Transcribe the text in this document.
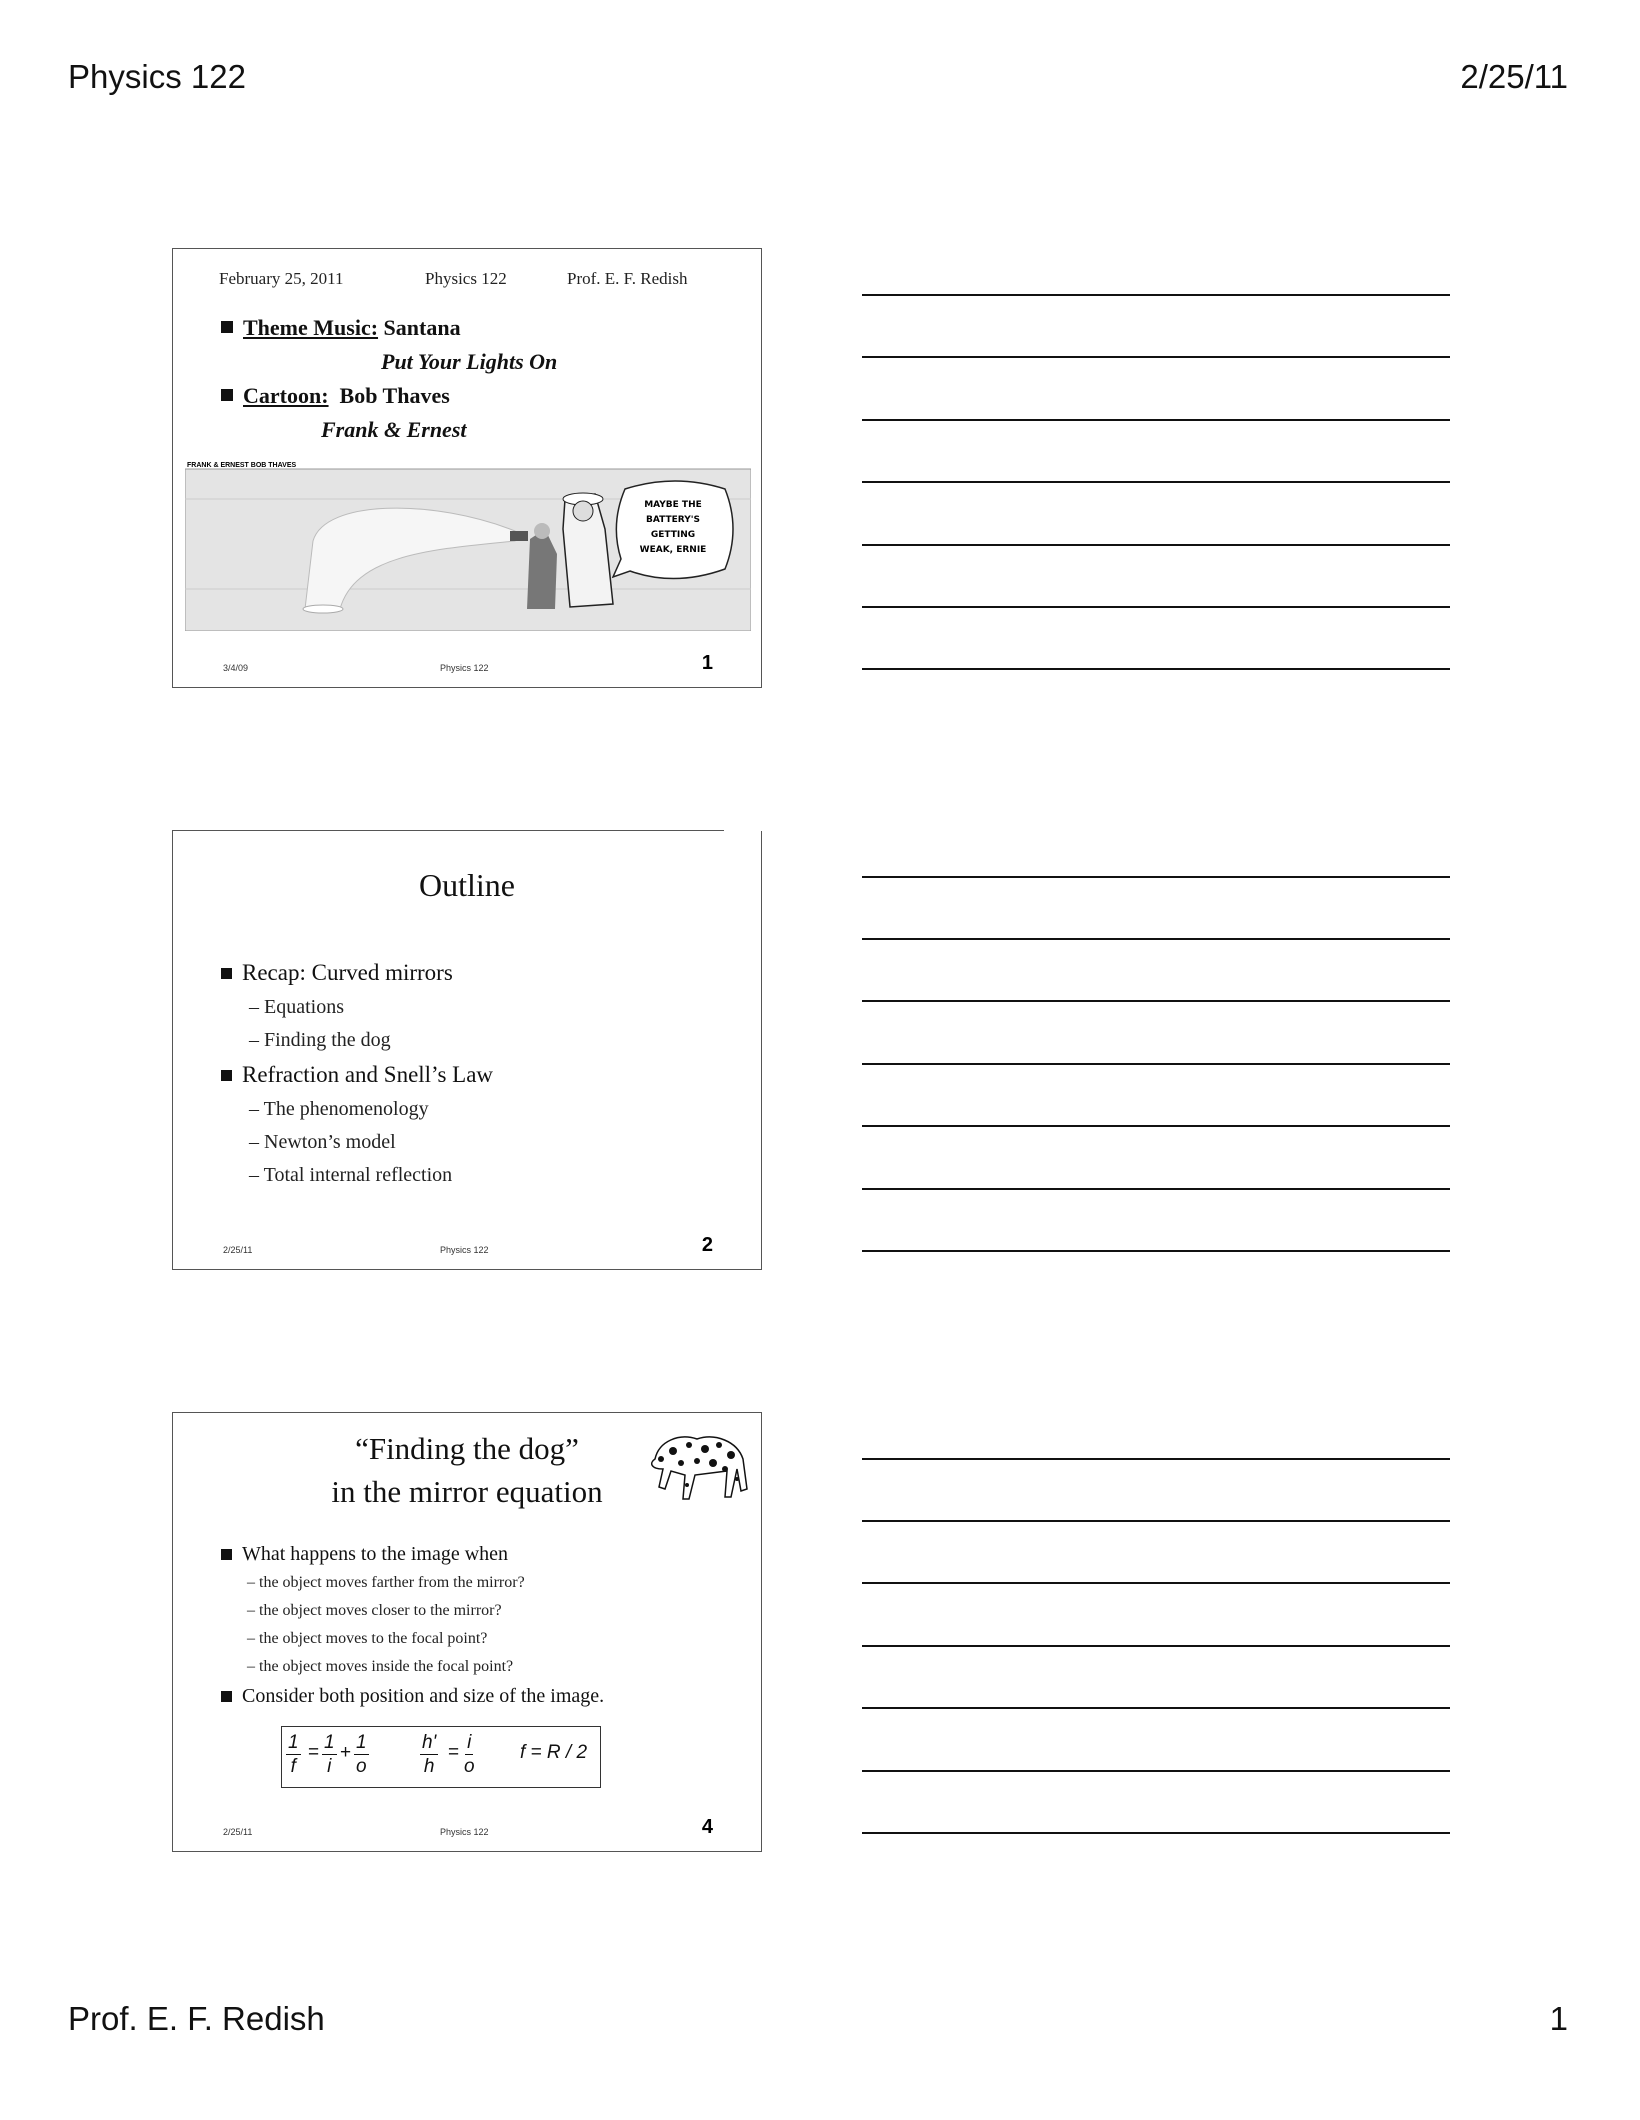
Physics 122	2/25/11
February 25, 2011	Physics 122	Prof. E. F. Redish
Theme Music:
Santana
Put Your Lights On
Cartoon:
Bob Thaves
Frank & Ernest
FRANK & ERNEST BOB THAVES
MAYBE THE
BATTERY'S
GETTING
WEAK, ERNIE
3/4/09	Physics 122	1
Outline
Recap: Curved mirrors
– Equations
– Finding the dog
Refraction and Snell’s Law
– The phenomenology
– Newton’s model
– Total internal reflection
2/25/11	Physics 122	2
“Finding the dog”
in the mirror equation
What happens to the image when
– the object moves farther from the mirror?
– the object moves closer to the mirror?
– the object moves to the focal point?
– the object moves inside the focal point?
Consider both position and size of the image.
$\frac{1}{f} = \frac{1}{i} + \frac{1}{o}$	$\frac{h'}{h} = \frac{i}{o}$ f = R / 2
2/25/11	Physics 122	4
Prof. E. F. Redish	1
